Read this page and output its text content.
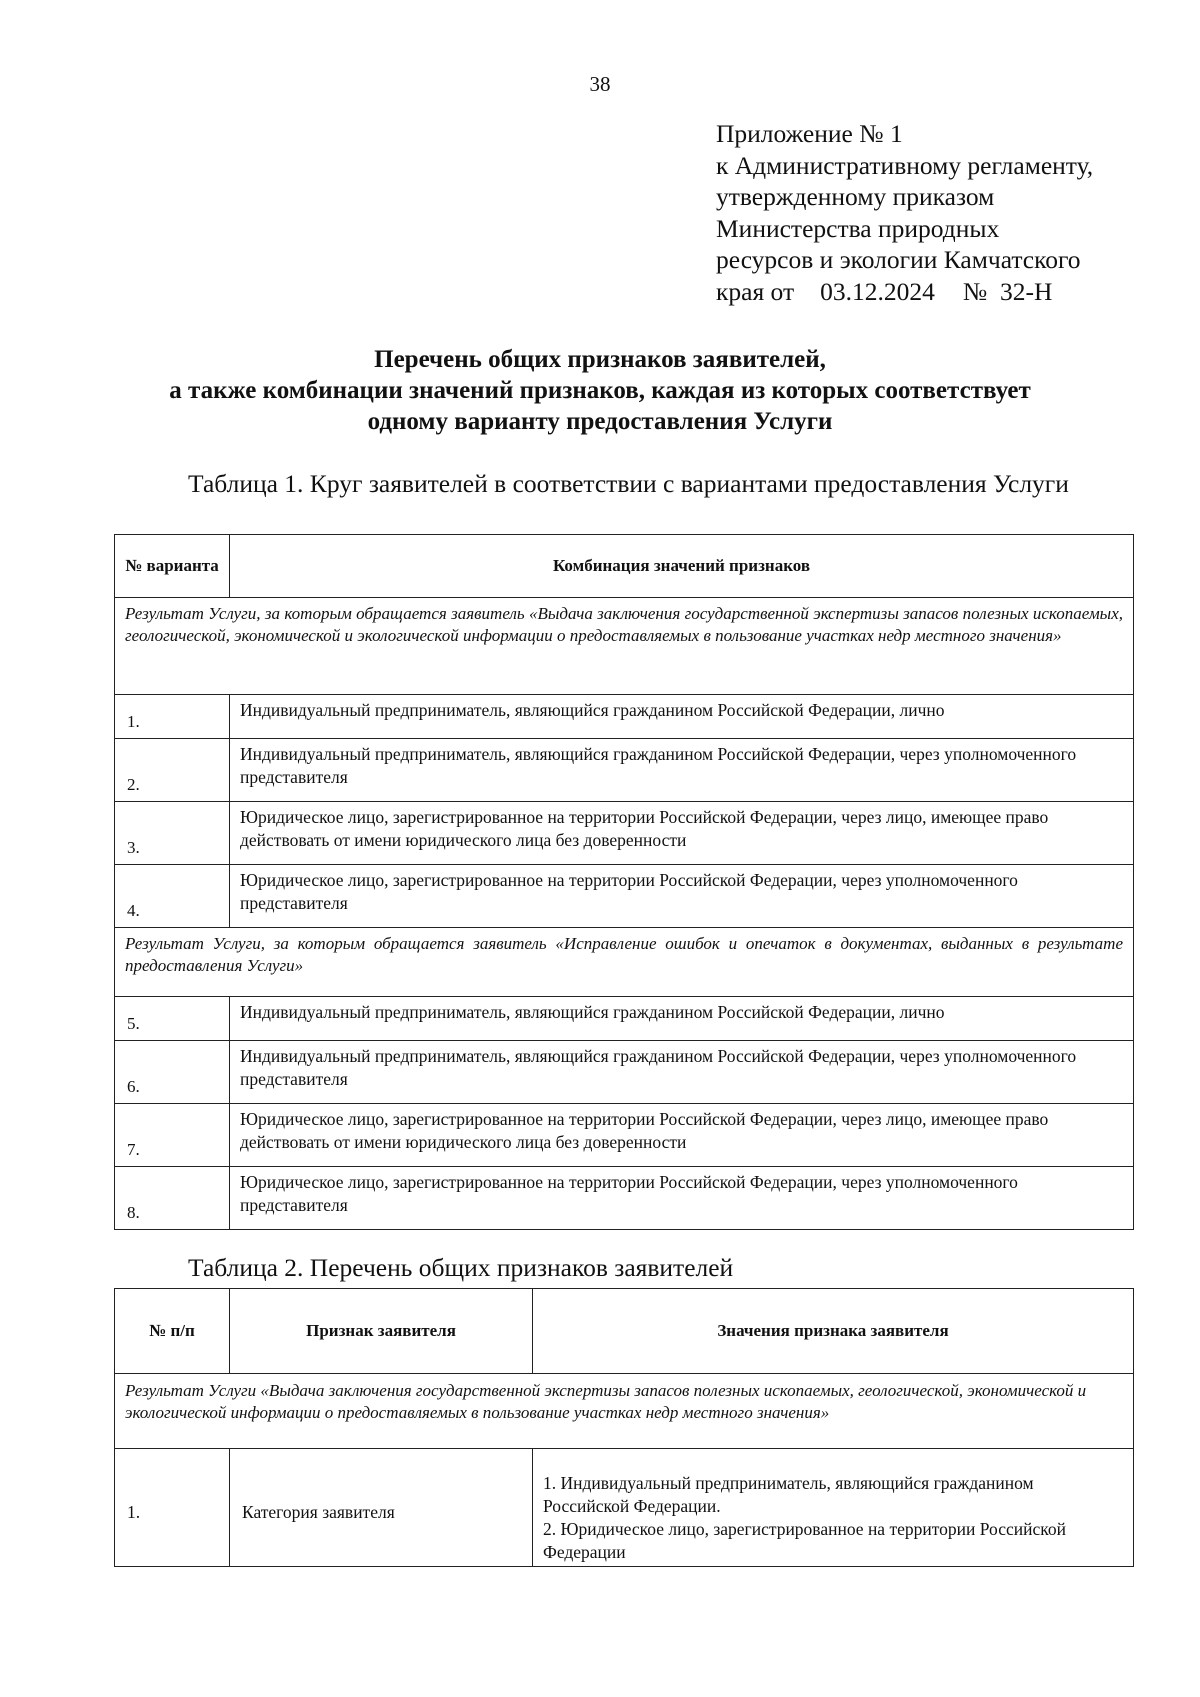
38
Приложение № 1
к Административному регламенту,
утвержденному приказом
Министерства природных
ресурсов и экологии Камчатского
края от 03.12.2024 № 32-Н
Перечень общих признаков заявителей,
а также комбинации значений признаков, каждая из которых соответствует
одному варианту предоставления Услуги
Таблица 1. Круг заявителей в соответствии с вариантами предоставления Услуги
№ варианта	Комбинация значений признаков
Результат Услуги, за которым обращается заявитель «Выдача заключения государственной экспертизы запасов полезных ископаемых, геологической, экономической и экологической информации о предоставляемых в пользование участках недр местного значения»	
1.	Индивидуальный предприниматель, являющийся гражданином Российской Федерации, лично
2.	Индивидуальный предприниматель, являющийся гражданином Российской Федерации, через уполномоченного представителя
3.	Юридическое лицо, зарегистрированное на территории Российской Федерации, через лицо, имеющее право действовать от имени юридического лица без доверенности
4.	Юридическое лицо, зарегистрированное на территории Российской Федерации, через уполномоченного представителя
Результат Услуги, за которым обращается заявитель «Исправление ошибок и опечаток в документах, выданных в результате предоставления Услуги»	
5.	Индивидуальный предприниматель, являющийся гражданином Российской Федерации, лично
6.	Индивидуальный предприниматель, являющийся гражданином Российской Федерации, через уполномоченного представителя
7.	Юридическое лицо, зарегистрированное на территории Российской Федерации, через лицо, имеющее право действовать от имени юридического лица без доверенности
8.	Юридическое лицо, зарегистрированное на территории Российской Федерации, через уполномоченного представителя
Таблица 2. Перечень общих признаков заявителей
№ п/п	Признак заявителя	Значения признака заявителя
Результат Услуги «Выдача заключения государственной экспертизы запасов полезных ископаемых, геологической, экономической и экологической информации о предоставляемых в пользование участках недр местного значения»		
1.	Категория заявителя	1. Индивидуальный предприниматель, являющийся гражданином Российской Федерации.
2. Юридическое лицо, зарегистрированное на территории Российской Федерации
